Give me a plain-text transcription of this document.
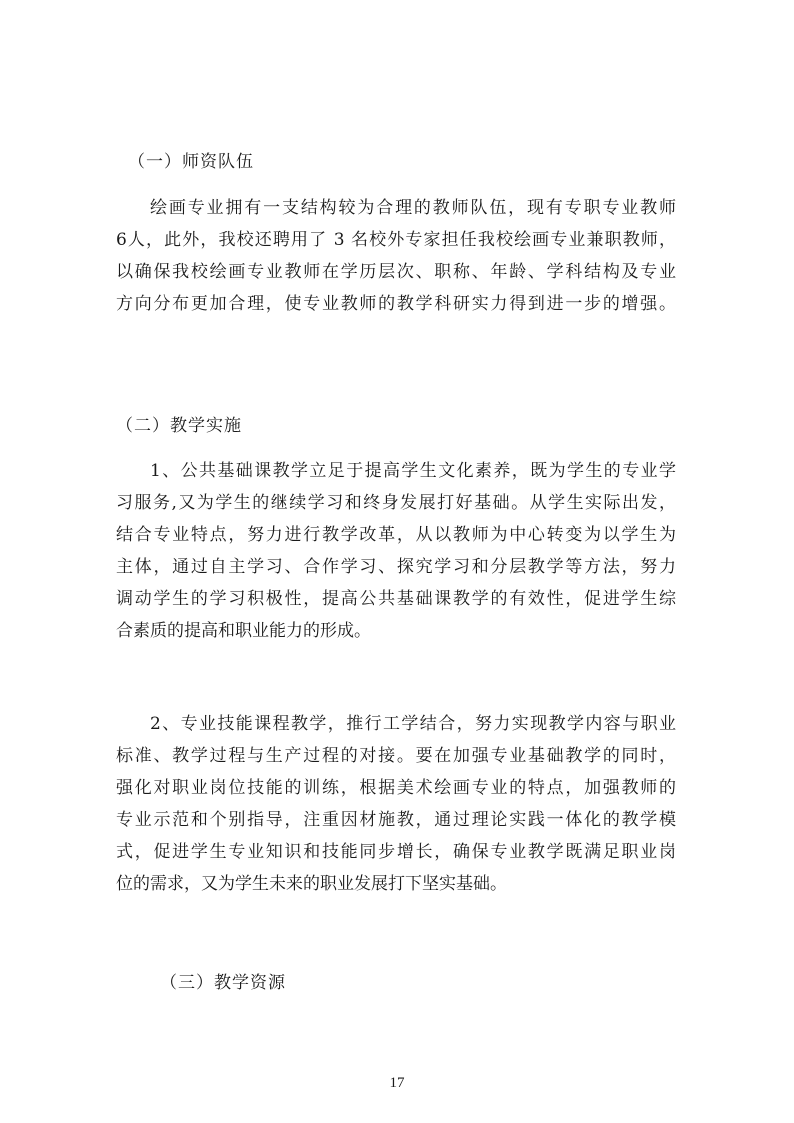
（一）师资队伍
绘画专业拥有一支结构较为合理的教师队伍，现有专职专业教师
6人，此外，我校还聘用了 3 名校外专家担任我校绘画专业兼职教师，
以确保我校绘画专业教师在学历层次、职称、年龄、学科结构及专业
方向分布更加合理，使专业教师的教学科研实力得到进一步的增强。
（二）教学实施
1、公共基础课教学立足于提高学生文化素养，既为学生的专业学
习服务,又为学生的继续学习和终身发展打好基础。从学生实际出发，
结合专业特点，努力进行教学改革，从以教师为中心转变为以学生为
主体，通过自主学习、合作学习、探究学习和分层教学等方法，努力
调动学生的学习积极性，提高公共基础课教学的有效性，促进学生综
合素质的提高和职业能力的形成。
2、专业技能课程教学，推行工学结合，努力实现教学内容与职业
标准、教学过程与生产过程的对接。要在加强专业基础教学的同时，
强化对职业岗位技能的训练，根据美术绘画专业的特点，加强教师的
专业示范和个别指导，注重因材施教，通过理论实践一体化的教学模
式，促进学生专业知识和技能同步增长，确保专业教学既满足职业岗
位的需求，又为学生未来的职业发展打下坚实基础。
（三）教学资源
17
